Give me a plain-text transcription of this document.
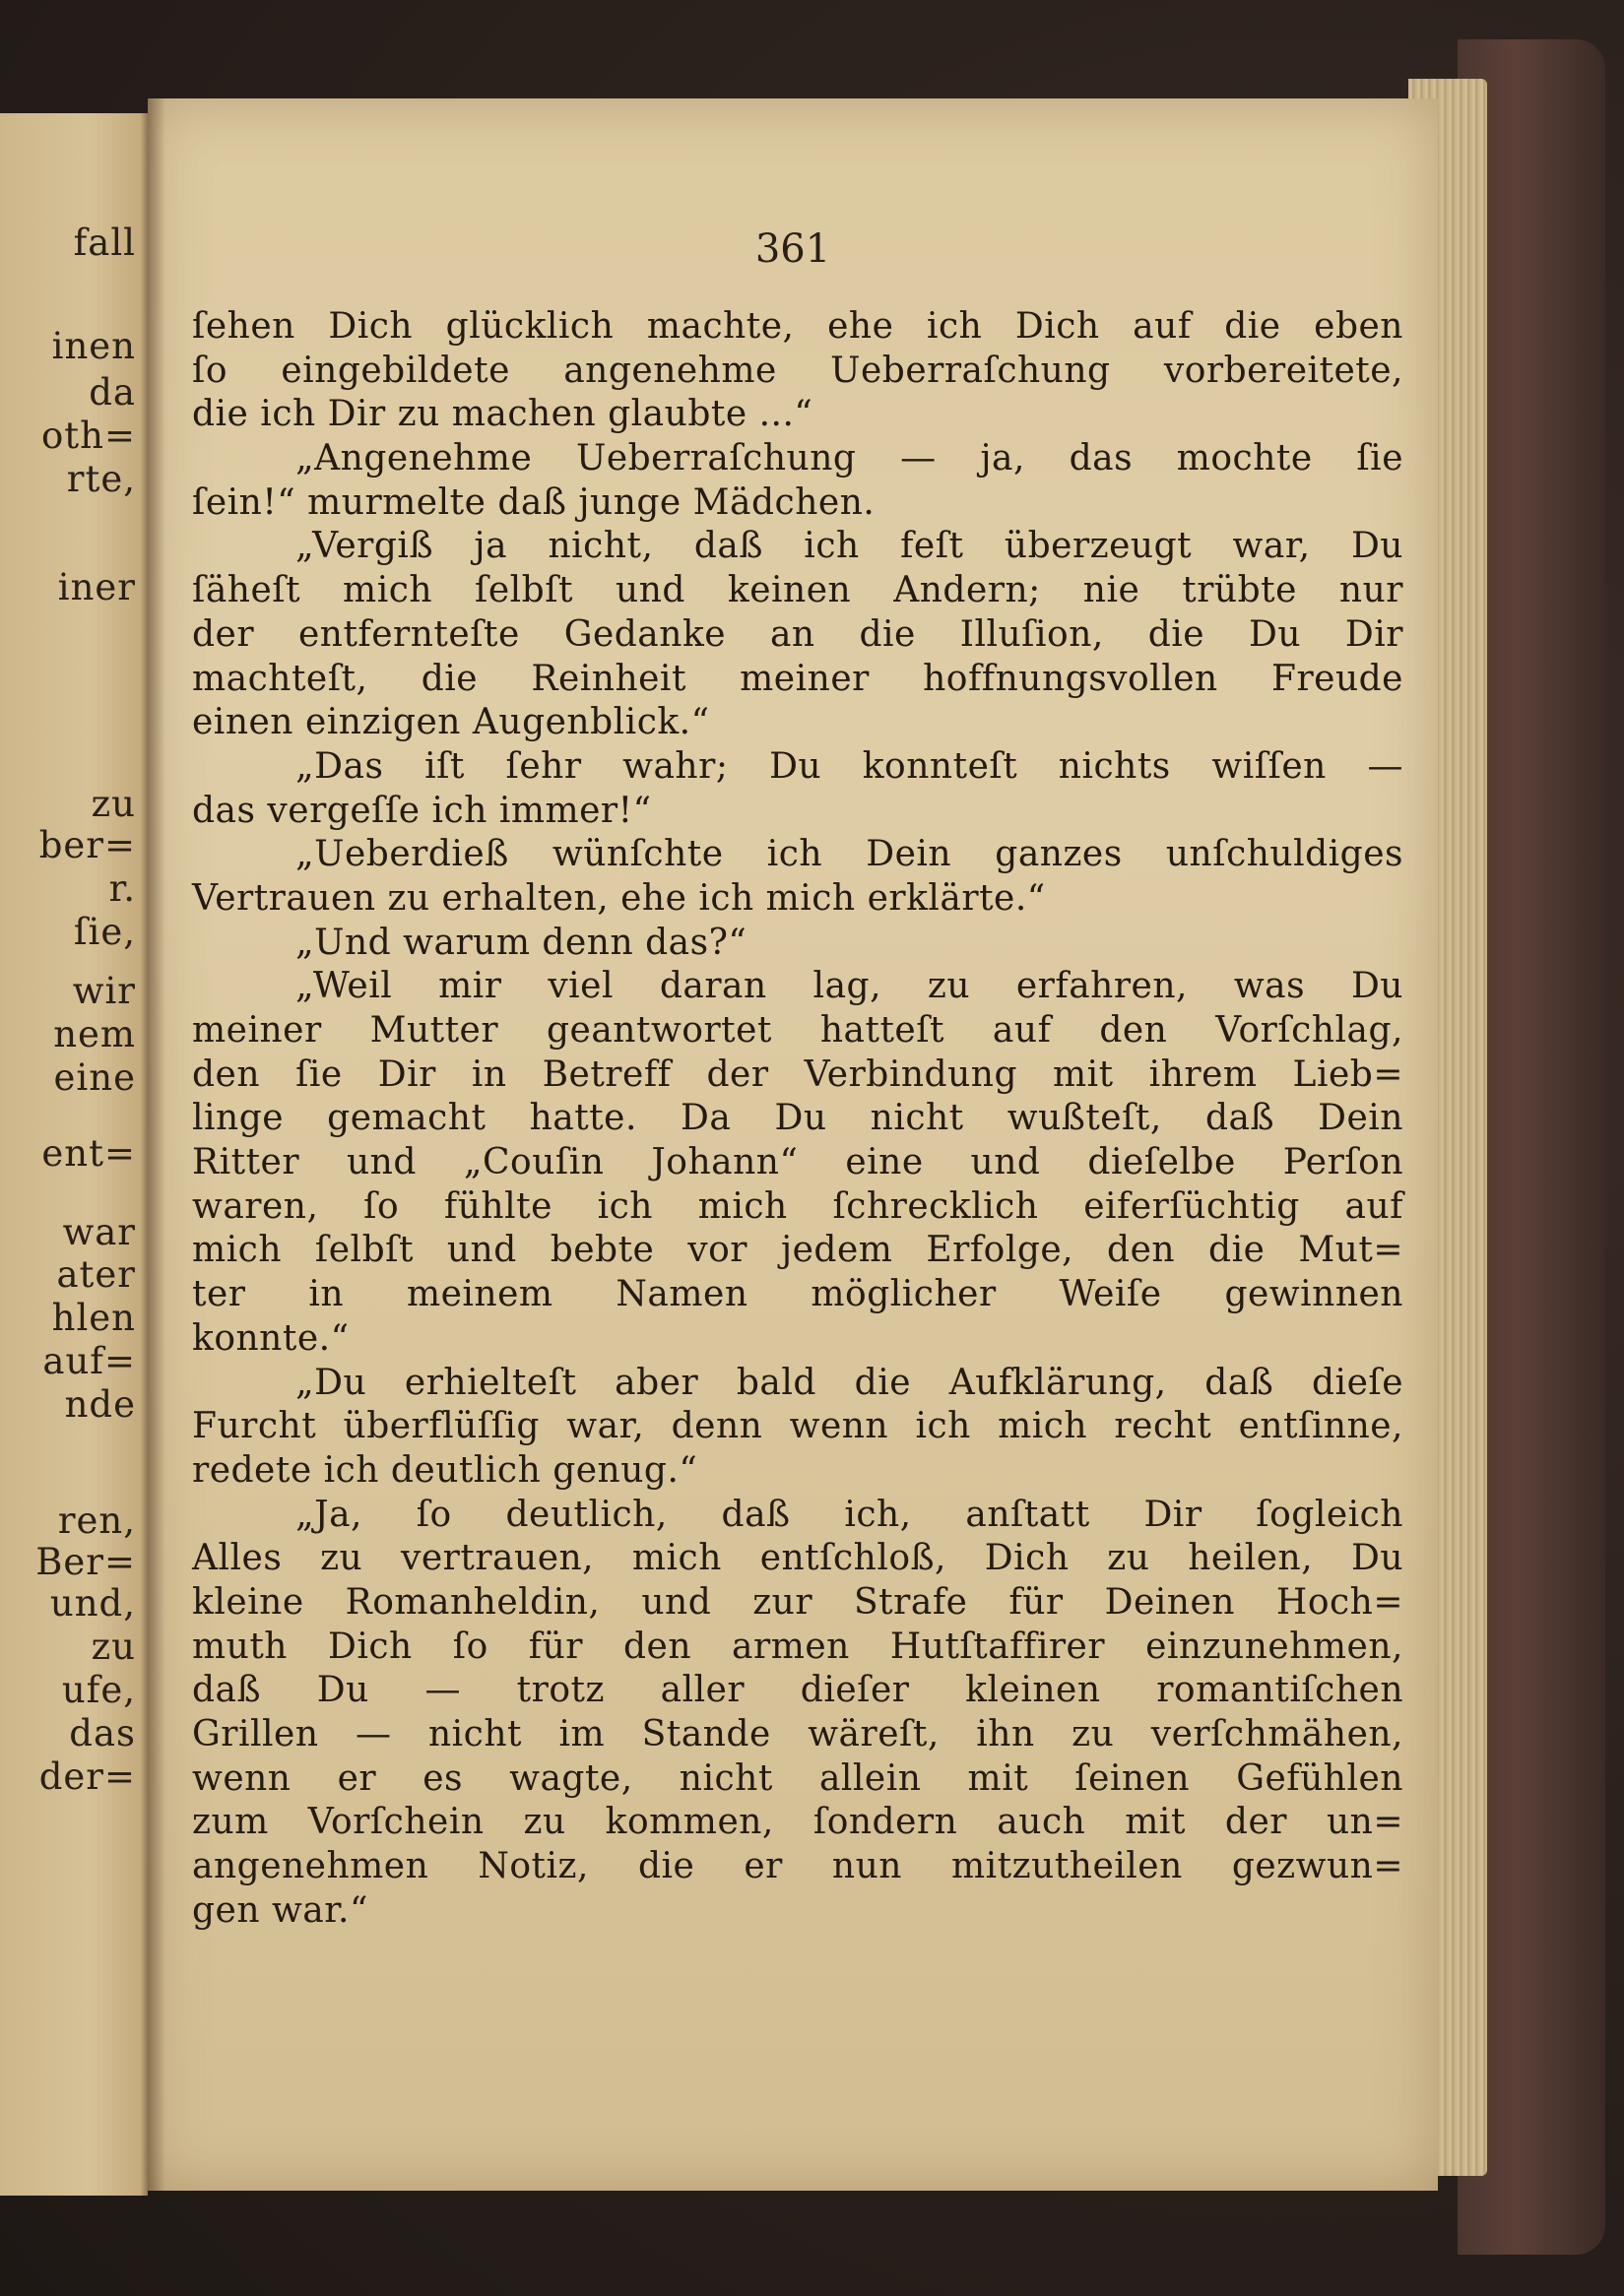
fall
inen
da
oth=
rte,
iner
zu
ber=
r.
ſie,
wir
nem
eine
ent=
war
ater
hlen
auf=
nde
ren,
Ber=
und,
zu
ufe,
das
der=
361
ſehen Dich glücklich machte, ehe ich Dich auf die eben
ſo eingebildete angenehme Ueberraſchung vorbereitete,
die ich Dir zu machen glaubte ...“
„Angenehme Ueberraſchung — ja, das mochte ſie
ſein!“ murmelte daß junge Mädchen.
„Vergiß ja nicht, daß ich feſt überzeugt war, Du
ſäheſt mich ſelbſt und keinen Andern; nie trübte nur
der entfernteſte Gedanke an die Illuſion, die Du Dir
machteſt, die Reinheit meiner hoffnungsvollen Freude
einen einzigen Augenblick.“
„Das iſt ſehr wahr; Du konnteſt nichts wiſſen —
das vergeſſe ich immer!“
„Ueberdieß wünſchte ich Dein ganzes unſchuldiges
Vertrauen zu erhalten, ehe ich mich erklärte.“
„Und warum denn das?“
„Weil mir viel daran lag, zu erfahren, was Du
meiner Mutter geantwortet hatteſt auf den Vorſchlag,
den ſie Dir in Betreff der Verbindung mit ihrem Lieb=
linge gemacht hatte. Da Du nicht wußteſt, daß Dein
Ritter und „Couſin Johann“ eine und dieſelbe Perſon
waren, ſo fühlte ich mich ſchrecklich eiferſüchtig auf
mich ſelbſt und bebte vor jedem Erfolge, den die Mut=
ter in meinem Namen möglicher Weiſe gewinnen
konnte.“
„Du erhielteſt aber bald die Aufklärung, daß dieſe
Furcht überflüſſig war, denn wenn ich mich recht entſinne,
redete ich deutlich genug.“
„Ja, ſo deutlich, daß ich, anſtatt Dir ſogleich
Alles zu vertrauen, mich entſchloß, Dich zu heilen, Du
kleine Romanheldin, und zur Strafe für Deinen Hoch=
muth Dich ſo für den armen Hutſtaffirer einzunehmen,
daß Du — trotz aller dieſer kleinen romantiſchen
Grillen — nicht im Stande wäreſt, ihn zu verſchmähen,
wenn er es wagte, nicht allein mit ſeinen Gefühlen
zum Vorſchein zu kommen, ſondern auch mit der un=
angenehmen Notiz, die er nun mitzutheilen gezwun=
gen war.“
